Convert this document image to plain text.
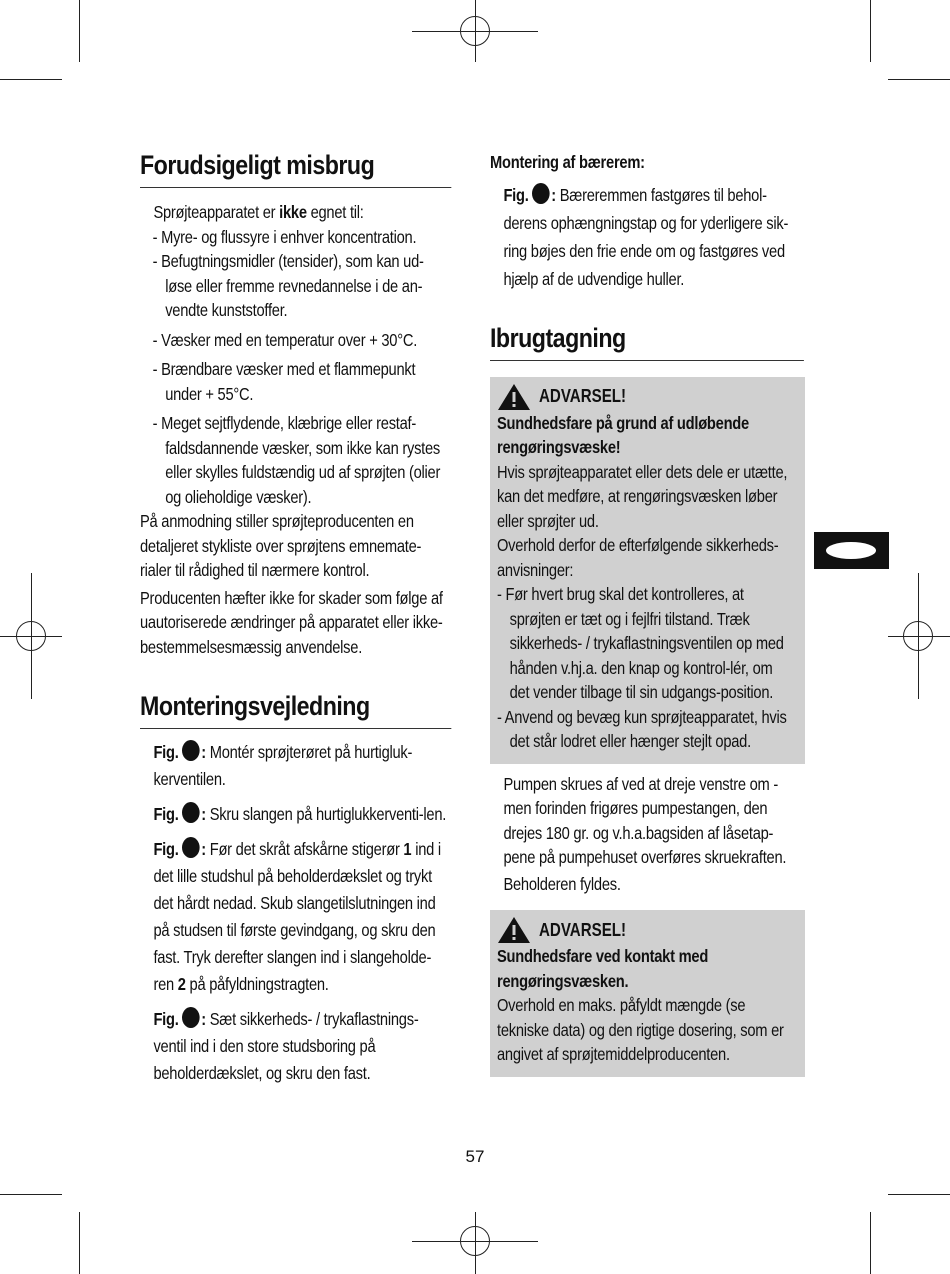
Forudsigeligt misbrug

Sprøjteapparatet er ikke egnet til:

- Myre- og flussyre i enhver koncentration.

- Befugtningsmidler (tensider), som kan ud-løse eller fremme revnedannelse i de an-vendte kunststoffer.

- Væsker med en temperatur over + 30°C.

- Brændbare væsker med et flammepunkt under + 55°C.

- Meget sejtflydende, klæbrige eller restaf-faldsdannende væsker, som ikke kan rystes eller skylles fuldstændig ud af sprøjten (olier og olieholdige væsker).

På anmodning stiller sprøjteproducenten en detaljeret stykliste over sprøjtens emnemate-rialer til rådighed til nærmere kontrol.

Producenten hæfter ikke for skader som følge af uautoriserede ændringer på apparatet eller ikke-bestemmelsesmæssig anvendelse.

Monteringsvejledning

Fig. : Montér sprøjterøret på hurtigluk-kerventilen.

Fig. : Skru slangen på hurtiglukkerventi-len.

Fig. : Før det skråt afskårne stigerør 1 ind i det lille studshul på beholderdækslet og trykt det hårdt nedad. Skub slangetilslutningen ind på studsen til første gevindgang, og skru den fast. Tryk derefter slangen ind i slangeholde-ren 2 på påfyldningstragten.

Fig. : Sæt sikkerheds- / trykaflastnings-ventil ind i den store studsboring på beholderdækslet, og skru den fast.

Montering af bærerem:

Fig. : Bæreremmen fastgøres til behol-derens ophængningstap og for yderligere sik-ring bøjes den frie ende om og fastgøres ved hjælp af de udvendige huller.

Ibrugtagning
ADVARSEL!

Sundhedsfare på grund af udløbende rengøringsvæske!

Hvis sprøjteapparatet eller dets dele er utætte, kan det medføre, at rengøringsvæsken løber eller sprøjter ud.

Overhold derfor de efterfølgende sikkerheds-anvisninger:

- Før hvert brug skal det kontrolleres, at sprøjten er tæt og i fejlfri tilstand. Træk sikkerheds- / trykaflastningsventilen op med hånden v.hj.a. den knap og kontrol-lér, om det vender tilbage til sin udgangs-position.

- Anvend og bevæg kun sprøjteapparatet, hvis det står lodret eller hænger stejlt opad.

Pumpen skrues af ved at dreje venstre om - men forinden frigøres pumpestangen, den drejes 180 gr. og v.h.a.bagsiden af låsetap-pene på pumpehuset overføres skruekraften.

Beholderen fyldes.

ADVARSEL!

Sundhedsfare ved kontakt med rengøringsvæsken.

Overhold en maks. påfyldt mængde (se tekniske data) og den rigtige dosering, som er angivet af sprøjtemiddelproducenten.

57
